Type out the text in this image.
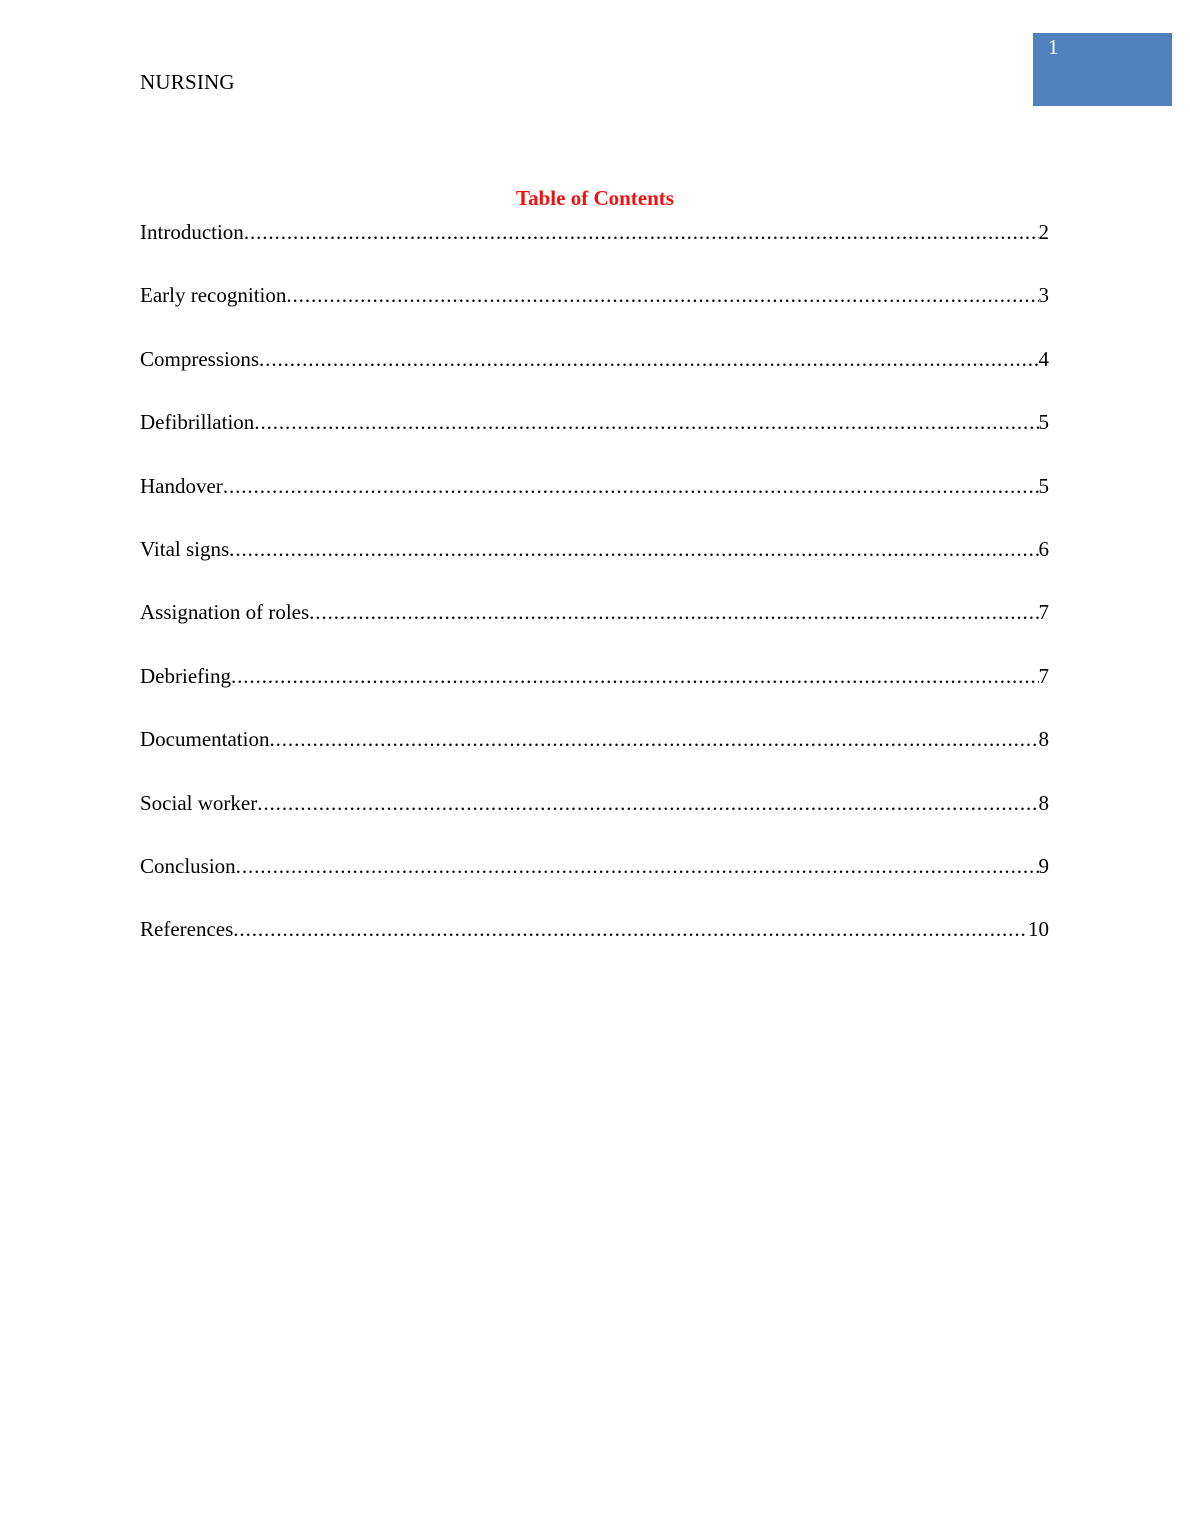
NURSING
1
Table of Contents
Introduction .....	2
Early recognition .....	3
Compressions .....	4
Defibrillation .....	5
Handover .....	5
Vital signs .....	6
Assignation of roles .....	7
Debriefing .....	7
Documentation .....	8
Social worker .....	8
Conclusion .....	9
References .....	10
